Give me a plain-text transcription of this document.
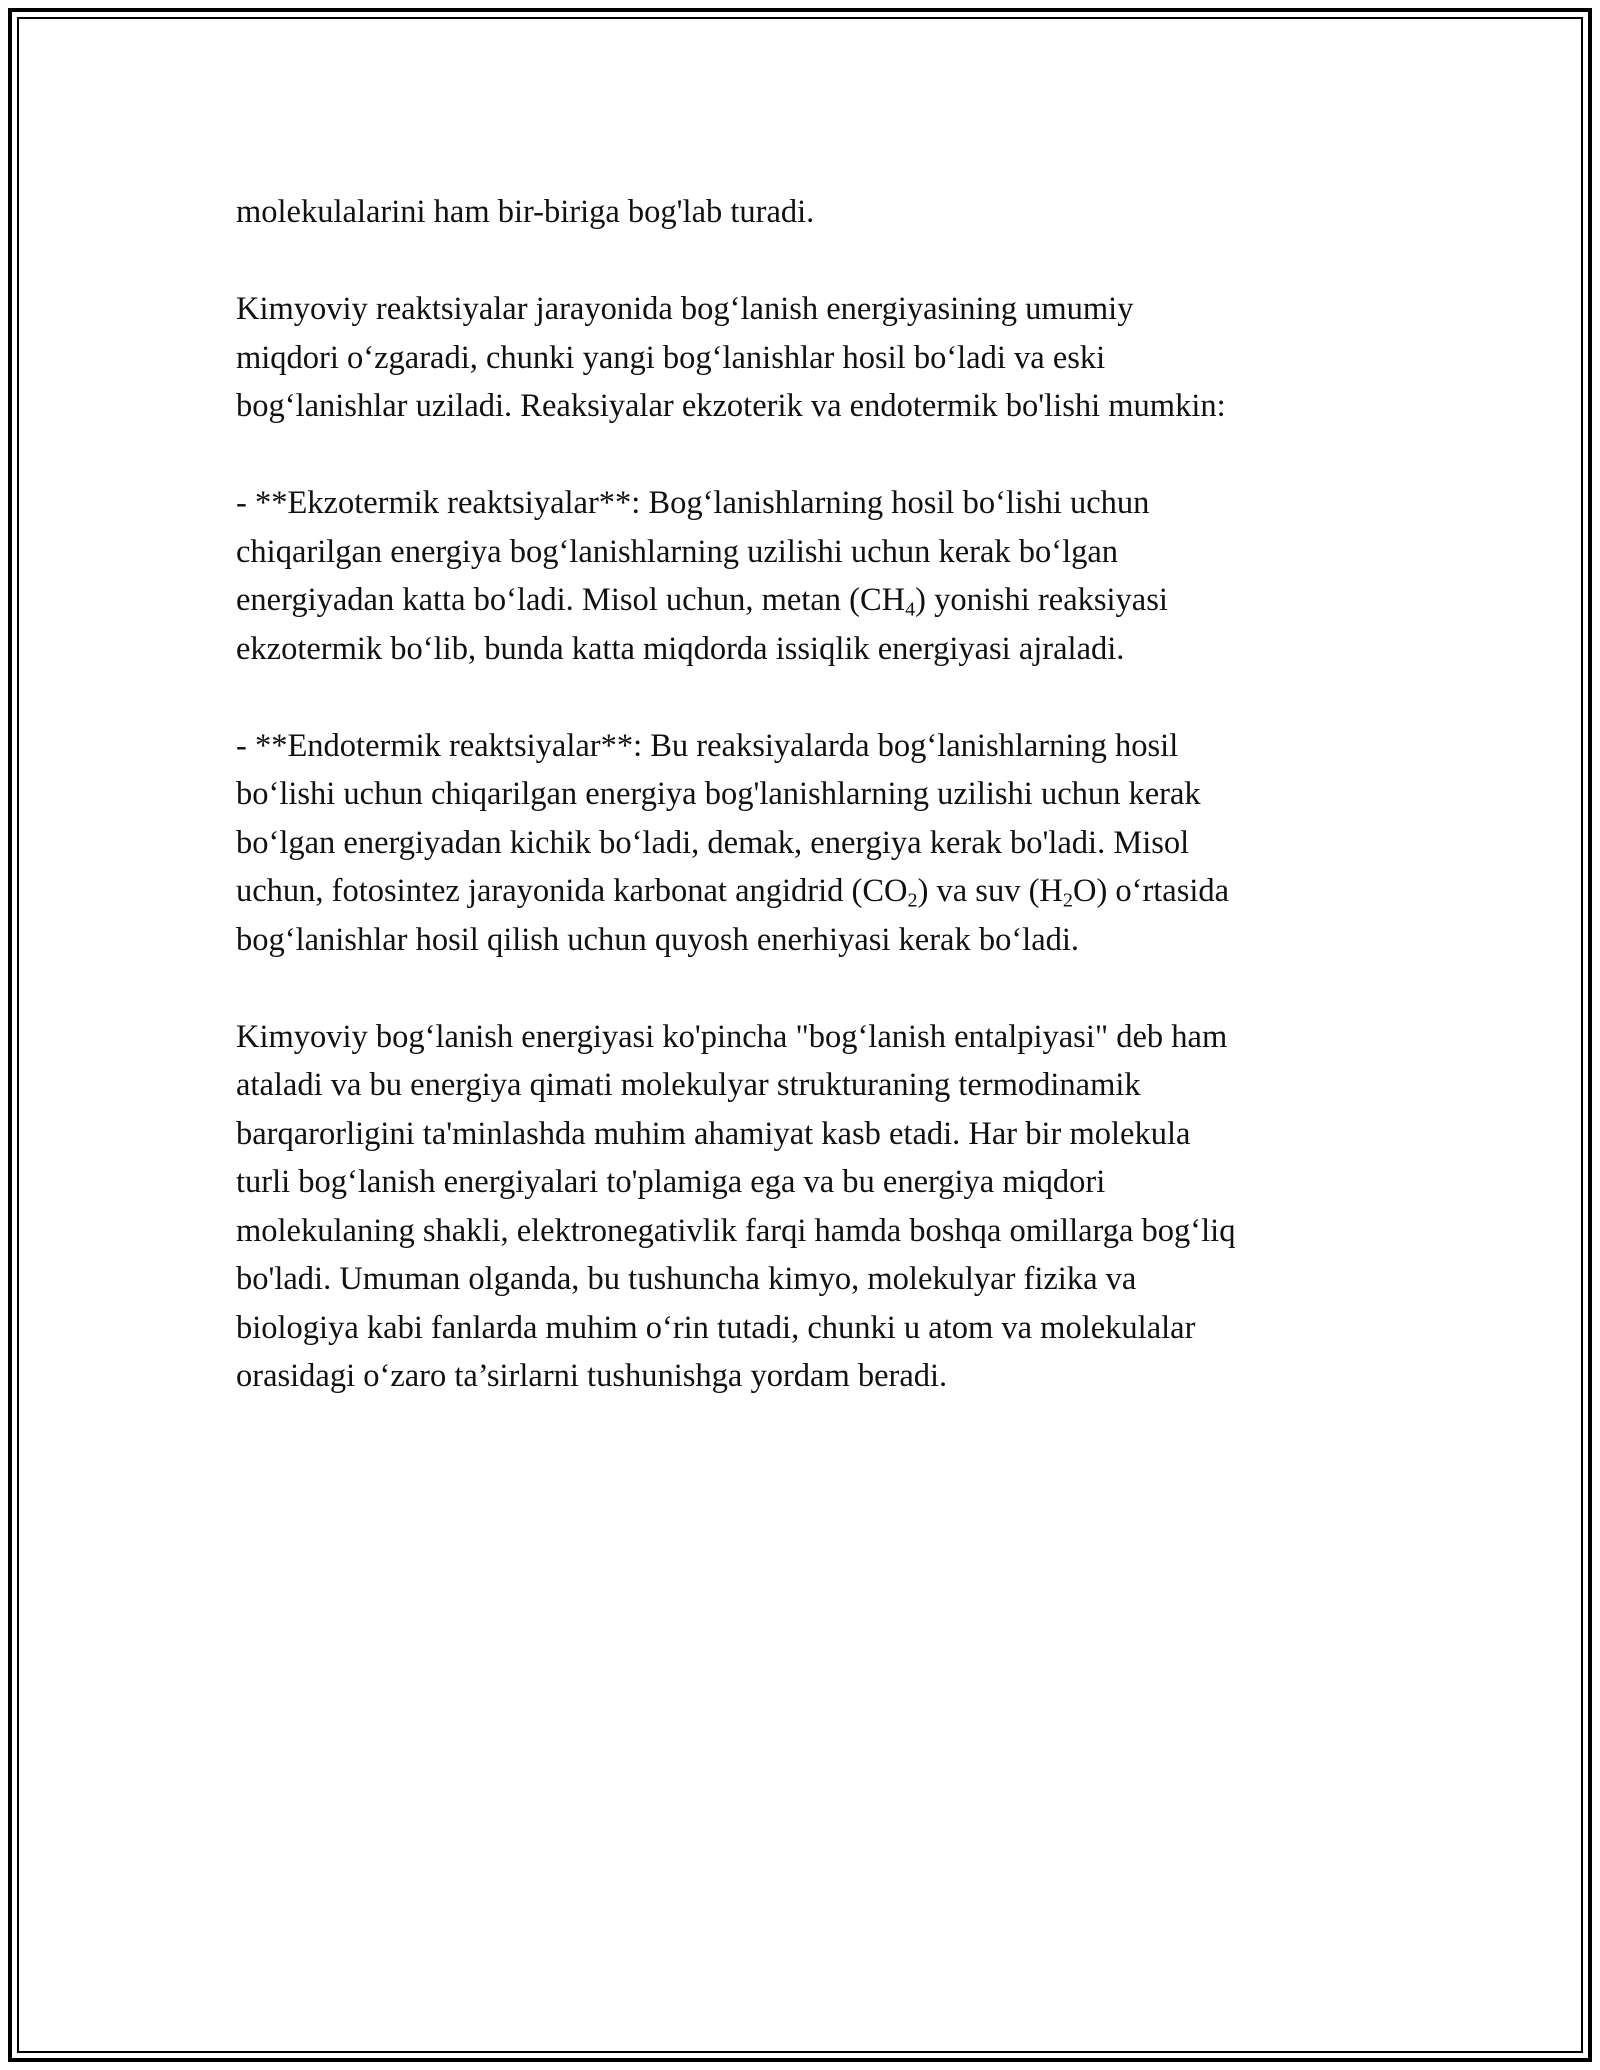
molekulalarini ham bir-biriga bog'lab turadi.

Kimyoviy reaktsiyalar jarayonida bog‘lanish energiyasining umumiy
miqdori o‘zgaradi, chunki yangi bog‘lanishlar hosil bo‘ladi va eski
bog‘lanishlar uziladi. Reaksiyalar ekzoterik va endotermik bo'lishi mumkin:

- **Ekzotermik reaktsiyalar**: Bog‘lanishlarning hosil bo‘lishi uchun
chiqarilgan energiya bog‘lanishlarning uzilishi uchun kerak bo‘lgan
energiyadan katta bo‘ladi. Misol uchun, metan $(CH_4)$ yonishi reaksiyasi
ekzotermik bo‘lib, bunda katta miqdorda issiqlik energiyasi ajraladi.

- **Endotermik reaktsiyalar**: Bu reaksiyalarda bog‘lanishlarning hosil
bo‘lishi uchun chiqarilgan energiya bog'lanishlarning uzilishi uchun kerak
bo‘lgan energiyadan kichik bo‘ladi, demak, energiya kerak bo'ladi. Misol
uchun, fotosintez jarayonida karbonat angidrid $(CO_2)$ va suv $(H_2O)$ o‘rtasida
bog‘lanishlar hosil qilish uchun quyosh enerhiyasi kerak bo‘ladi.

Kimyoviy bog‘lanish energiyasi ko'pincha "bog‘lanish entalpiyasi" deb ham
ataladi va bu energiya qimati molekulyar strukturaning termodinamik
barqarorligini ta'minlashda muhim ahamiyat kasb etadi. Har bir molekula
turli bog‘lanish energiyalari to'plamiga ega va bu energiya miqdori
molekulaning shakli, elektronegativlik farqi hamda boshqa omillarga bog‘liq
bo'ladi. Umuman olganda, bu tushuncha kimyo, molekulyar fizika va
biologiya kabi fanlarda muhim o‘rin tutadi, chunki u atom va molekulalar
orasidagi o‘zaro ta’sirlarni tushunishga yordam beradi.
